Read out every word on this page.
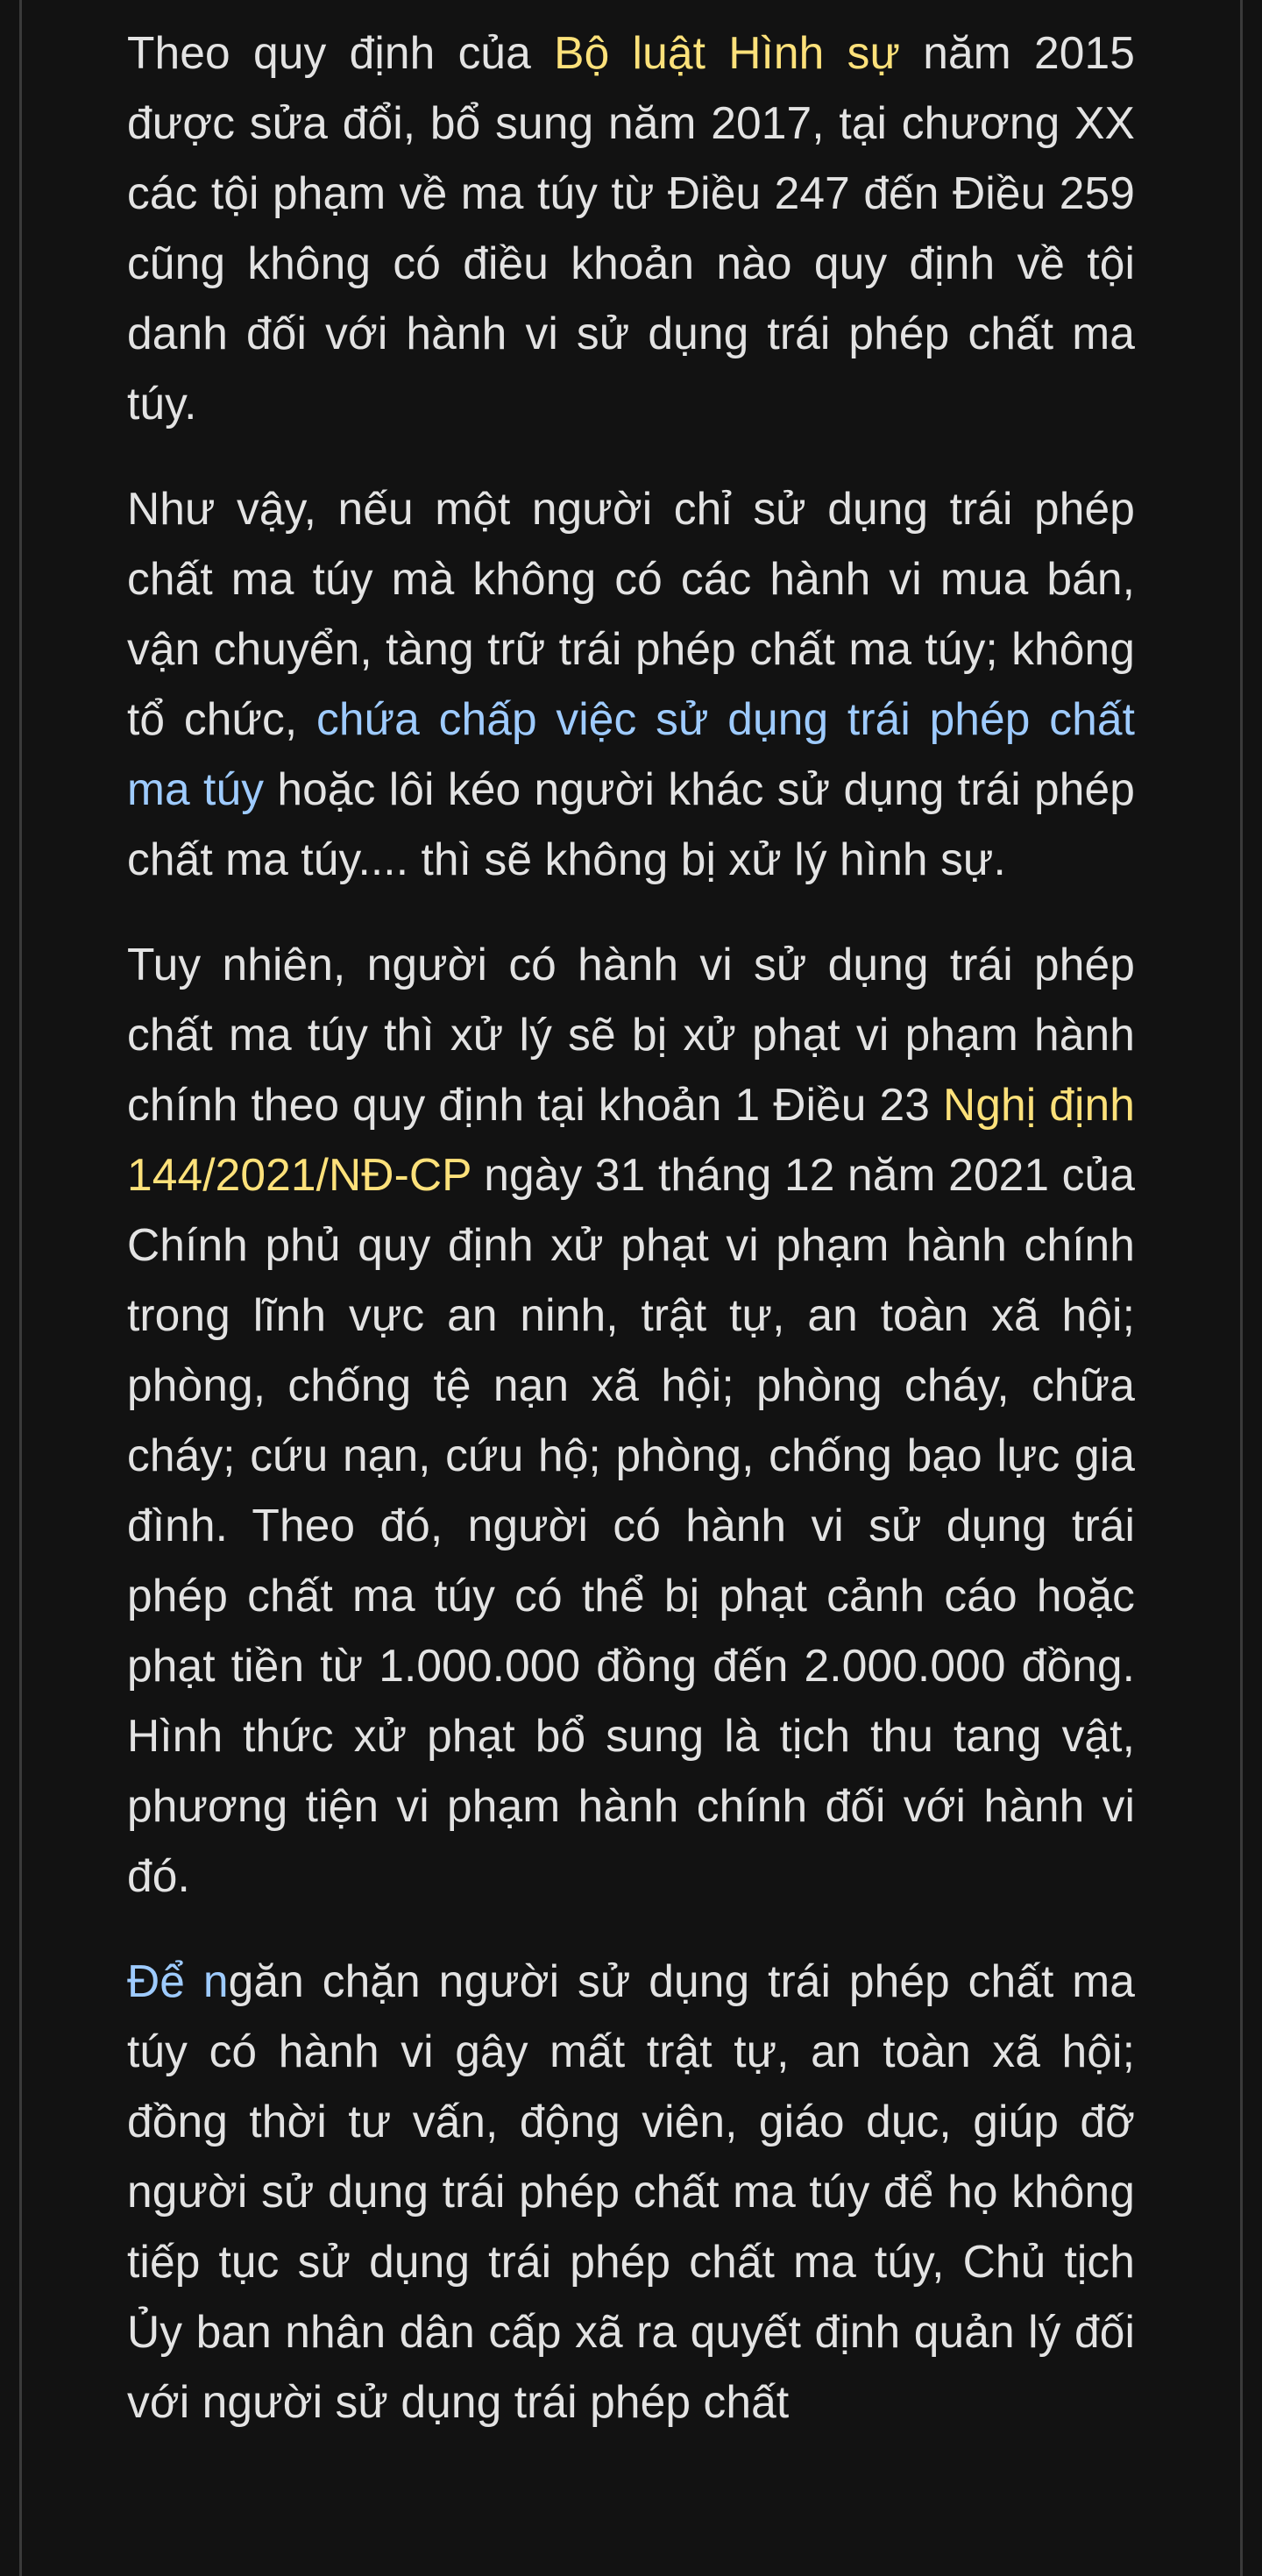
Theo quy định của Bộ luật Hình sự năm 2015 được sửa đổi, bổ sung năm 2017, tại chương XX các tội phạm về ma túy từ Điều 247 đến Điều 259 cũng không có điều khoản nào quy định về tội danh đối với hành vi sử dụng trái phép chất ma túy.

Như vậy, nếu một người chỉ sử dụng trái phép chất ma túy mà không có các hành vi mua bán, vận chuyển, tàng trữ trái phép chất ma túy; không tổ chức, chứa chấp việc sử dụng trái phép chất ma túy hoặc lôi kéo người khác sử dụng trái phép chất ma túy.... thì sẽ không bị xử lý hình sự.

Tuy nhiên, người có hành vi sử dụng trái phép chất ma túy thì xử lý sẽ bị xử phạt vi phạm hành chính theo quy định tại khoản 1 Điều 23 Nghị định 144/2021/NĐ-CP ngày 31 tháng 12 năm 2021 của Chính phủ quy định xử phạt vi phạm hành chính trong lĩnh vực an ninh, trật tự, an toàn xã hội; phòng, chống tệ nạn xã hội; phòng cháy, chữa cháy; cứu nạn, cứu hộ; phòng, chống bạo lực gia đình. Theo đó, người có hành vi sử dụng trái phép chất ma túy có thể bị phạt cảnh cáo hoặc phạt tiền từ 1.000.000 đồng đến 2.000.000 đồng. Hình thức xử phạt bổ sung là tịch thu tang vật, phương tiện vi phạm hành chính đối với hành vi đó.

Để ngăn chặn người sử dụng trái phép chất ma túy có hành vi gây mất trật tự, an toàn xã hội; đồng thời tư vấn, động viên, giáo dục, giúp đỡ người sử dụng trái phép chất ma túy để họ không tiếp tục sử dụng trái phép chất ma túy, Chủ tịch Ủy ban nhân dân cấp xã ra quyết định quản lý đối với người sử dụng trái phép chất
